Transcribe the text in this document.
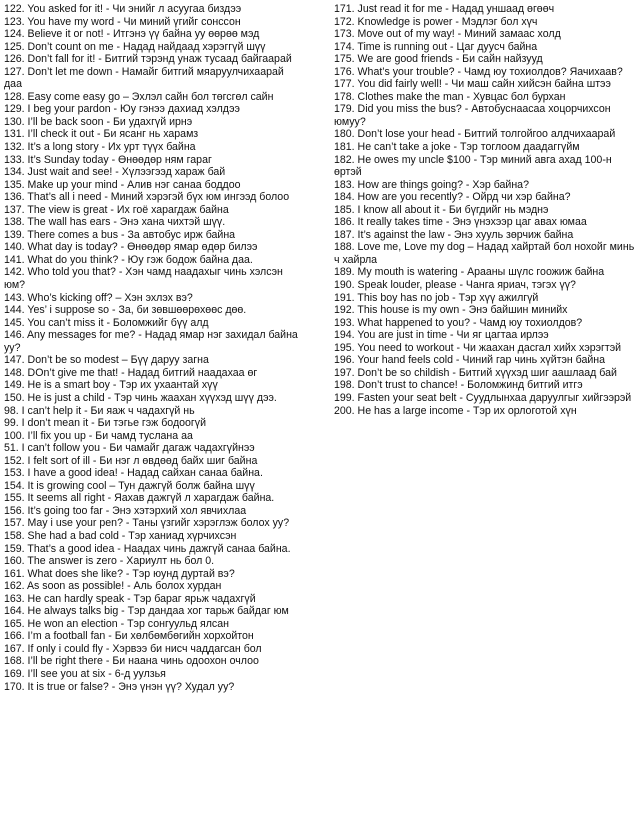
122. You asked for it! - Чи энийг л асуугаа биздээ

123. You have my word - Чи миний үгийг сонссон

124. Believe it or not! - Итгэнэ үү байна уу өөрөө мэд

125. Don’t count on me - Надад найдаад хэрэггүй шүү

126. Don’t fall for it! - Битгий тэрэнд унаж тусаад байгаарай

127. Don’t let me down - Намайг битгий мяаруулчихаарай даа

128. Easy come easy go – Эхлэл сайн бол төгсгөл сайн

129. I beg your pardon - Юу гэнээ дахиад хэлдээ

130. I’ll be back soon - Би удахгүй ирнэ

131. I’ll check it out - Би ясанг нь харамз

132. It’s a long story - Их урт түүх байна

133. It’s Sunday today - Өнөөдөр ням гараг

134. Just wait and see! - Хүлээгээд хараж бай

135. Make up your mind - Алив нэг санаа боддоо

136. That’s all i need - Миний хэрэгэй бүх юм ингээд болоо

137. The view is great - Их гоё харагдаж байна

138. The wall has ears - Энэ хана чихтэй шүү.

139. There comes a bus - За автобус ирж байна

140. What day is today? - Өнөөдөр ямар өдөр билээ

141. What do you think? - Юу гэж бодож байна даа.

142. Who told you that? - Хэн чамд наадахыг чинь хэлсэн юм?

143. Who’s kicking off? – Хэн эхлэх вэ?

144. Yes’ i suppose so - За, би зөвшөөрөхөөс дөө.

145. You can’t miss it - Боломжийг бүү алд

146. Any messages for me? - Надад ямар нэг захидал байна уу?

147. Don’t be so modest – Бүү даруу загна

148. DOn’t give me that! - Надад битгий наадахаа өг

149. He is a smart boy - Тэр их ухаантай хүү

150. He is just a child - Тэр чинь жаахан хүүхэд шүү дээ.

98. I can’t help it - Би яаж ч чадахгүй нь

99. I don’t mean it - Би тэгье гэж бодоогүй

100. I’ll fix you up - Би чамд туслана аа

51. I can’t follow you - Би чамайг дагаж чадахгүйнээ

152. I felt sort of ill - Би нэг л өвдөөд байх шиг байна

153. I have a good idea! - Надад сайхан санаа байна.

154. It is growing cool – Тун дажгүй болж байна шүү

155. It seems all right - Яахав дажгүй л харагдаж байна.

156. It’s going too far - Энэ хэтэрхий хол явчихлаа

157. May i use your pen? - Таны үзгийг хэрэглэж болох уу?

158. She had a bad cold - Тэр ханиад хүрчихсэн

159. That’s a good idea - Наадах чинь дажгүй санаа байна.

160. The answer is zero - Хариулт нь бол 0.

161. What does she like? - Тэр юунд дуртай вэ?

162. As soon as possible! - Аль болох хурдан

163. He can hardly speak - Тэр бараг ярьж чадахгүй

164. He always talks big - Тэр дандаа хог тарьж байдаг юм

165. He won an election - Тэр сонгуульд ялсан

166. I’m a football fan - Би хөлбөмбөгийн хорхойтон

167. If only i could fly - Хэрвээ би нисч чаддагсан бол

168. I’ll be right there - Би наана чинь одоохон очлоо

169. I’ll see you at six - 6-д уулзья

170. It is true or false? - Энэ үнэн үү? Худал уу?

171. Just read it for me - Надад уншаад өгөөч

172. Knowledge is power - Мэдлэг бол хүч

173. Move out of my way! - Миний замаас холд

174. Time is running out - Цаг дууcч байна

175. We are good friends - Би сайн найзууд

176. What’s your trouble? - Чамд юу тохиолдов? Яачихаав?

177. You did fairly well! - Чи маш сайн хийсэн байна штээ

178. Clothes make the man - Хувцас бол бурхан

179. Did you miss the bus? - Автобуснаасаа хоцорчихсон юмуу?

180. Don’t lose your head - Битгий толгойгоо алдчихаарай

181. He can’t take a joke - Тэр тоглоом даадаггүйм

182. He owes my uncle $100 - Тэр миний авга ахад 100-н өртэй

183. How are things going? - Хэр байна?

184. How are you recently? - Ойрд чи хэр байна?

185. I know all about it - Би бүгдийг нь мэднэ

186. It really takes time - Энэ үнэхээр цаг авах юмаа

187. It’s against the law - Энэ хууль зөрчиж байна

188. Love me, Love my dog – Надад хайртай бол нохойг минь ч хайрла

189. My mouth is watering - Арааны шүлс гоожиж байна

190. Speak louder, please - Чанга яриач, тэгэх үү?

191. This boy has no job - Тэр хүү ажилгүй

192. This house is my own - Энэ байшин минийх

193. What happened to you? - Чамд юу тохиолдов?

194. You are just in time - Чи яг цагтаа ирлээ

195. You need to workout - Чи жаахан дасгал хийх хэрэгтэй

196. Your hand feels cold - Чиний гар чинь хүйтэн байна

197. Don’t be so childish - Битгий хүүхэд шиг аашлаад бай

198. Don’t trust to chance! - Боломжинд битгий итгэ

199. Fasten your seat belt - Суудлынхаа даруулгыг хийгээрэй

200. He has a large income - Тэр их орлоготой хүн
